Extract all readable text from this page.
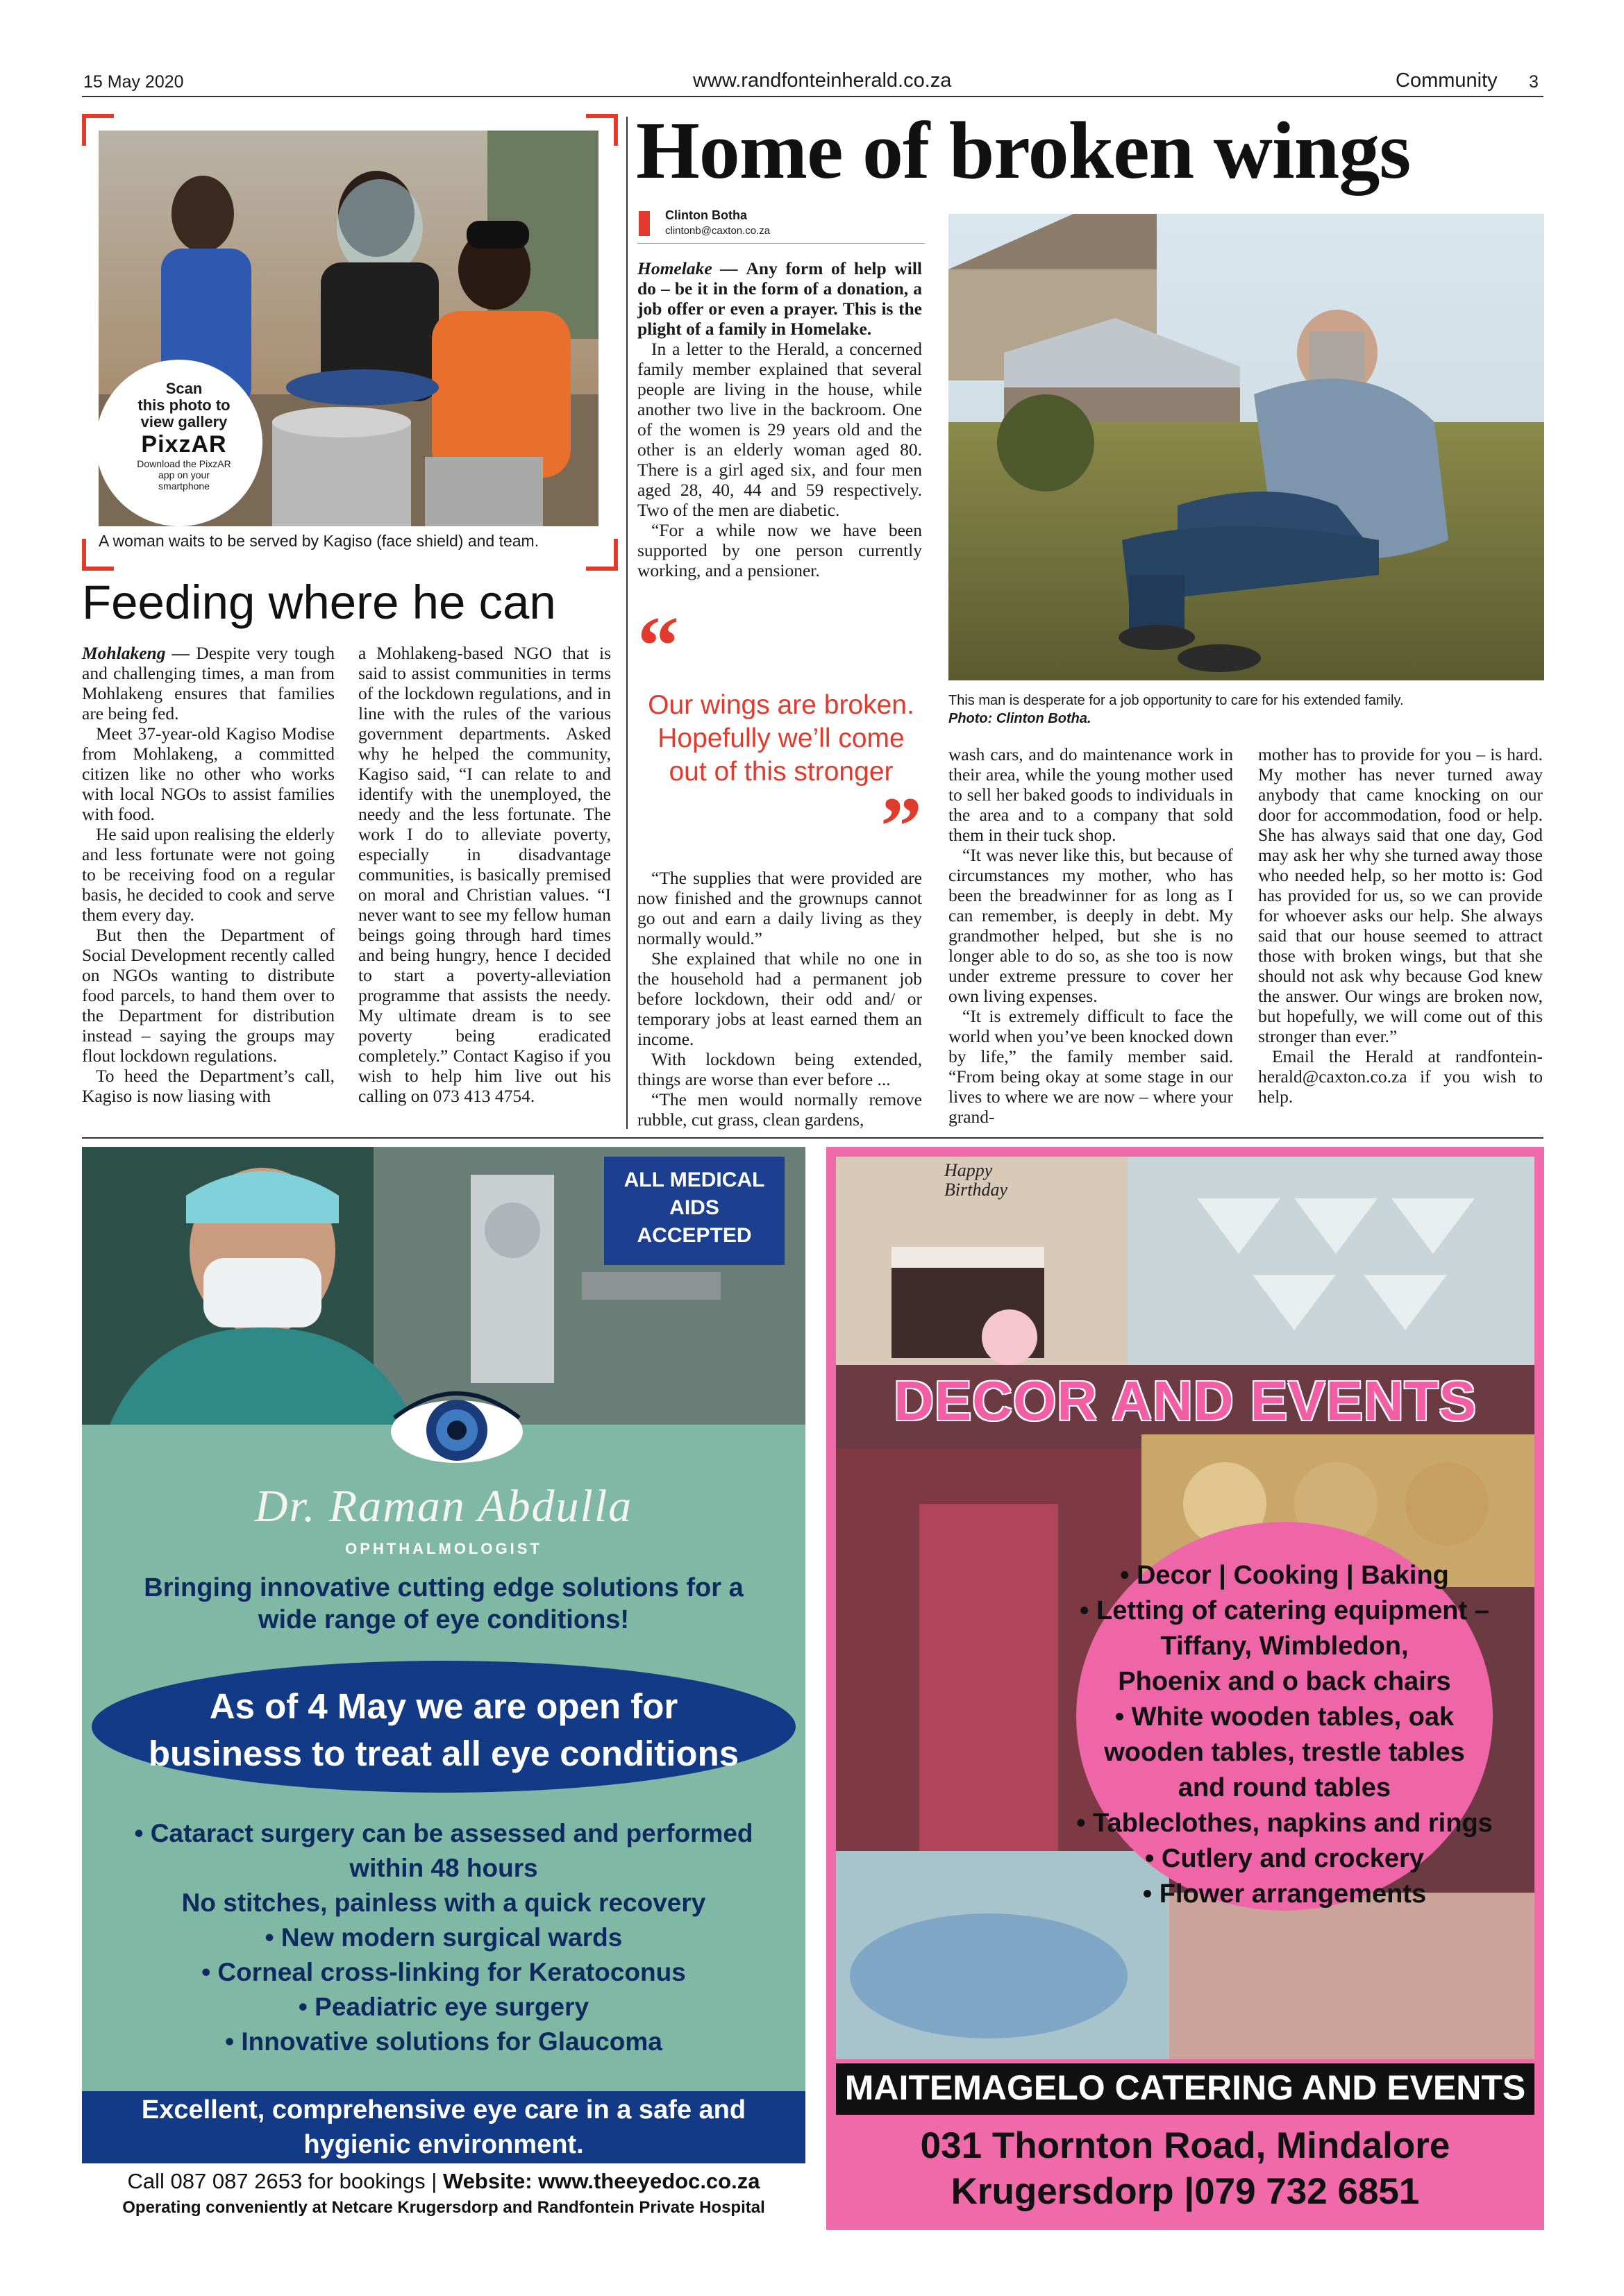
15 May 2020	www.randfonteinherald.co.za	Community 3
Scan
this photo to
view gallery
PixzAR
Download the PixzAR
app on your
smartphone
A woman waits to be served by Kagiso (face shield) and team.
Feeding where he can

Mohlakeng — Despite very tough and challenging times, a man from Mohlakeng ensures that families are being fed.

Meet 37-year-old Kagiso Modise from Mohlakeng, a committed citizen like no other who works with local NGOs to assist families with food.

He said upon realising the elderly and less fortunate were not going to be receiving food on a regular basis, he decided to cook and serve them every day.

But then the Department of Social Development recently called on NGOs wanting to distribute food parcels, to hand them over to the Department for distribution instead – saying the groups may flout lockdown regulations.

To heed the Department’s call, Kagiso is now liasing with

a Mohlakeng-based NGO that is said to assist communities in terms of the lockdown regulations, and in line with the rules of the various government departments. Asked why he helped the community, Kagiso said, “I can relate to and identify with the unemployed, the needy and the less fortunate. The work I do to alleviate poverty, especially in disadvantage communities, is basically premised on moral and Christian values. “I never want to see my fellow human beings going through hard times and being hungry, hence I decided to start a poverty-alleviation programme that assists the needy. My ultimate dream is to see poverty being eradicated completely.” Contact Kagiso if you wish to help him live out his calling on 073 413 4754.

Home of broken wings
Clinton Botha
clintonb@caxton.co.za

Homelake — Any form of help will do – be it in the form of a donation, a job offer or even a prayer. This is the plight of a family in Homelake.

In a letter to the Herald, a concerned family member explained that several people are living in the house, while another two live in the backroom. One of the women is 29 years old and the other is an elderly woman aged 80. There is a girl aged six, and four men aged 28, 40, 44 and 59 respectively. Two of the men are diabetic.

“For a while now we have been supported by one person currently working, and a pensioner.

“
Our wings are broken. Hopefully we’ll come out of this stronger
”

“The supplies that were provided are now finished and the grownups cannot go out and earn a daily living as they normally would.”

She explained that while no one in the household had a permanent job before lockdown, their odd and/ or temporary jobs at least earned them an income.

With lockdown being extended, things are worse than ever before ...

“The men would normally remove rubble, cut grass, clean gardens,

This man is desperate for a job opportunity to care for his extended family.
Photo: Clinton Botha.

wash cars, and do maintenance work in their area, while the young mother used to sell her baked goods to individuals in the area and to a company that sold them in their tuck shop.

“It was never like this, but because of circumstances my mother, who has been the breadwinner for as long as I can remember, is deeply in debt. My grandmother helped, but she is no longer able to do so, as she too is now under extreme pressure to cover her own living expenses.

“It is extremely difficult to face the world when you’ve been knocked down by life,” the family member said. “From being okay at some stage in our lives to where we are now – where your grand-

mother has to provide for you – is hard. My mother has never turned away anybody that came knocking on our door for accommodation, food or help. She has always said that one day, God may ask her why she turned away those who needed help, so her motto is: God has provided for us, so we can provide for whoever asks our help. She always said that our house seemed to attract those with broken wings, but that she should not ask why because God knew the answer. Our wings are broken now, but hopefully, we will come out of this stronger than ever.”

Email the Herald at randfontein-herald@caxton.co.za if you wish to help.

ALL MEDICAL AIDS ACCEPTED
Dr. Raman Abdulla
OPHTHALMOLOGIST
Bringing innovative cutting edge solutions for a wide range of eye conditions!
As of 4 May we are open for business to treat all eye conditions
• Cataract surgery can be assessed and performed
within 48 hours
No stitches, painless with a quick recovery
• New modern surgical wards
• Corneal cross-linking for Keratoconus
• Peadiatric eye surgery
• Innovative solutions for Glaucoma
Excellent, comprehensive eye care in a safe and hygienic environment.
Call 087 087 2653 for bookings | Website: www.theeyedoc.co.za
Operating conveniently at Netcare Krugersdorp and Randfontein Private Hospital
Happy Birthday
DECOR AND EVENTS
• Decor | Cooking | Baking
• Letting of catering equipment –
Tiffany, Wimbledon,
Phoenix and o back chairs
• White wooden tables, oak
wooden tables, trestle tables
and round tables
• Tableclothes, napkins and rings
• Cutlery and crockery
• Flower arrangements
MAITEMAGELO CATERING AND EVENTS
031 Thornton Road, Mindalore
Krugersdorp |079 732 6851
